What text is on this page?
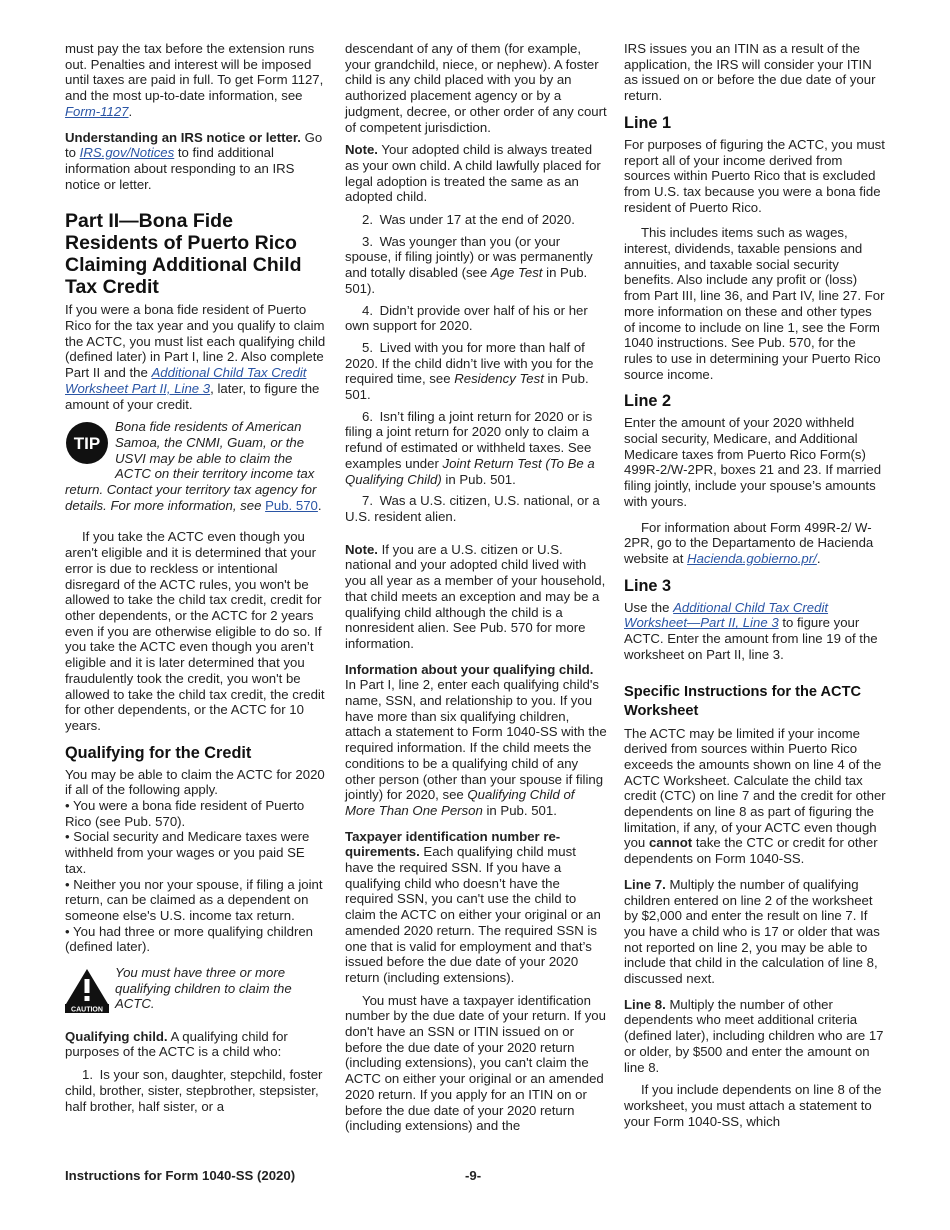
must pay the tax before the extension runs out. Penalties and interest will be imposed until taxes are paid in full. To get Form 1127, and the most up-to-date information, see Form-1127.

Understanding an IRS notice or letter. Go to IRS.gov/Notices to find additional information about responding to an IRS notice or letter.

Part II—Bona Fide Residents of Puerto Rico Claiming Additional Child Tax Credit

If you were a bona fide resident of Puerto Rico for the tax year and you qualify to claim the ACTC, you must list each qualifying child (defined later) in Part I, line 2. Also complete Part II and the Additional Child Tax Credit Worksheet Part II, Line 3, later, to figure the amount of your credit.

TIP
Bona fide residents of American Samoa, the CNMI, Guam, or the USVI may be able to claim the ACTC on their territory income tax return. Contact your territory tax agency for details. For more information, see Pub. 570.

If you take the ACTC even though you aren't eligible and it is determined that your error is due to reckless or intentional disregard of the ACTC rules, you won't be allowed to take the child tax credit, credit for other dependents, or the ACTC for 2 years even if you are otherwise eligible to do so. If you take the ACTC even though you aren’t eligible and it is later determined that you fraudulently took the credit, you won't be allowed to take the child tax credit, the credit for other dependents, or the ACTC for 10 years.

Qualifying for the Credit

You may be able to claim the ACTC for 2020 if all of the following apply.

• You were a bona fide resident of Puerto Rico (see Pub. 570).

• Social security and Medicare taxes were withheld from your wages or you paid SE tax.

• Neither you nor your spouse, if filing a joint return, can be claimed as a dependent on someone else's U.S. income tax return.

• You had three or more qualifying children (defined later).

CAUTION
You must have three or more qualifying children to claim the ACTC.

Qualifying child. A qualifying child for purposes of the ACTC is a child who:

1. Is your son, daughter, stepchild, foster child, brother, sister, stepbrother, stepsister, half brother, half sister, or a

descendant of any of them (for example, your grandchild, niece, or nephew). A foster child is any child placed with you by an authorized placement agency or by a judgment, decree, or other order of any court of competent jurisdiction.

Note. Your adopted child is always treated as your own child. A child lawfully placed for legal adoption is treated the same as an adopted child.

2. Was under 17 at the end of 2020.

3. Was younger than you (or your spouse, if filing jointly) or was permanently and totally disabled (see Age Test in Pub. 501).

4. Didn’t provide over half of his or her own support for 2020.

5. Lived with you for more than half of 2020. If the child didn’t live with you for the required time, see Residency Test in Pub. 501.

6. Isn’t filing a joint return for 2020 or is filing a joint return for 2020 only to claim a refund of estimated or withheld taxes. See examples under Joint Return Test (To Be a Qualifying Child) in Pub. 501.

7. Was a U.S. citizen, U.S. national, or a U.S. resident alien.

Note. If you are a U.S. citizen or U.S. national and your adopted child lived with you all year as a member of your household, that child meets an exception and may be a qualifying child although the child is a nonresident alien. See Pub. 570 for more information.

Information about your qualifying child. In Part I, line 2, enter each qualifying child's name, SSN, and relationship to you. If you have more than six qualifying children, attach a statement to Form 1040-SS with the required information. If the child meets the conditions to be a qualifying child of any other person (other than your spouse if filing jointly) for 2020, see Qualifying Child of More Than One Person in Pub. 501.

Taxpayer identification number re-quirements. Each qualifying child must have the required SSN. If you have a qualifying child who doesn’t have the required SSN, you can't use the child to claim the ACTC on either your original or an amended 2020 return. The required SSN is one that is valid for employment and that’s issued before the due date of your 2020 return (including extensions).

You must have a taxpayer identification number by the due date of your return. If you don't have an SSN or ITIN issued on or before the due date of your 2020 return (including extensions), you can't claim the ACTC on either your original or an amended 2020 return. If you apply for an ITIN on or before the due date of your 2020 return (including extensions) and the

IRS issues you an ITIN as a result of the application, the IRS will consider your ITIN as issued on or before the due date of your return.

Line 1

For purposes of figuring the ACTC, you must report all of your income derived from sources within Puerto Rico that is excluded from U.S. tax because you were a bona fide resident of Puerto Rico.

This includes items such as wages, interest, dividends, taxable pensions and annuities, and taxable social security benefits. Also include any profit or (loss) from Part III, line 36, and Part IV, line 27. For more information on these and other types of income to include on line 1, see the Form 1040 instructions. See Pub. 570, for the rules to use in determining your Puerto Rico source income.

Line 2

Enter the amount of your 2020 withheld social security, Medicare, and Additional Medicare taxes from Puerto Rico Form(s) 499R-2/W-2PR, boxes 21 and 23. If married filing jointly, include your spouse’s amounts with yours.

For information about Form 499R-2/ W-2PR, go to the Departamento de Hacienda website at Hacienda.gobierno.pr/.

Line 3

Use the Additional Child Tax Credit Worksheet—Part II, Line 3 to figure your ACTC. Enter the amount from line 19 of the worksheet on Part II, line 3.

Specific Instructions for the ACTC Worksheet

The ACTC may be limited if your income derived from sources within Puerto Rico exceeds the amounts shown on line 4 of the ACTC Worksheet. Calculate the child tax credit (CTC) on line 7 and the credit for other dependents on line 8 as part of figuring the limitation, if any, of your ACTC even though you cannot take the CTC or credit for other dependents on Form 1040-SS.

Line 7. Multiply the number of qualifying children entered on line 2 of the worksheet by $2,000 and enter the result on line 7. If you have a child who is 17 or older that was not reported on line 2, you may be able to include that child in the calculation of line 8, discussed next.

Line 8. Multiply the number of other dependents who meet additional criteria (defined later), including children who are 17 or older, by $500 and enter the amount on line 8.

If you include dependents on line 8 of the worksheet, you must attach a statement to your Form 1040-SS, which

Instructions for Form 1040-SS (2020)	-9-
